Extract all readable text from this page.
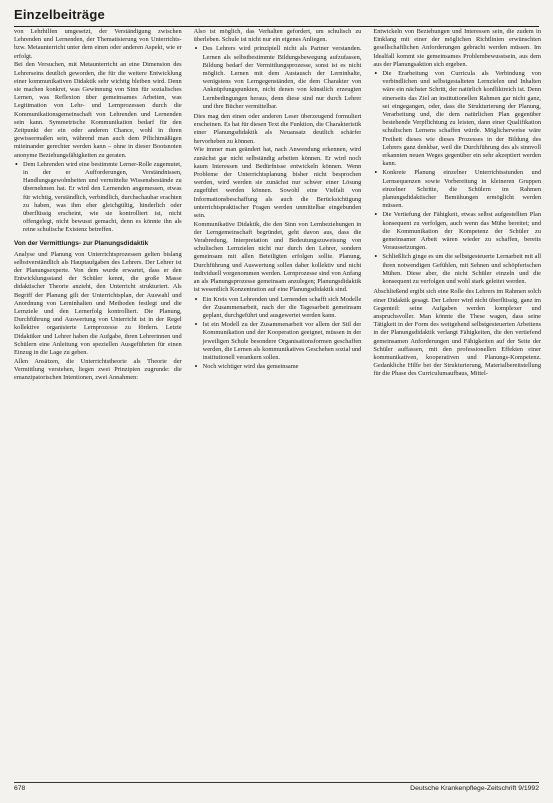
Einzelbeiträge

von Lehrhilfen umgesetzt, der Verständigung zwischen Lehrenden und Lernenden, der Thematisierung von Unterrichts- bzw. Metaunterricht unter dem einen oder anderen Aspekt, wie er erfolgt.

Bei den Versuchen, mit Metaunterricht an eine Dimension des Lehrerseins deutlich geworden, die für die weitere Entwicklung einer kommunikativen Didaktik sehr wichtig bleiben wird. Denn sie machen konkret, was Gewinnung von Sinn für sozialisches Lernen, was Reflexion über gemeinsames Arbeiten, was Legitimation von Lehr- und Lernprozessen durch die Kommunikationsgemeinschaft von Lehrenden und Lernenden sein kann. Symmetrische Kommunikation bedarf für den Zeitpunkt der ein oder anderen Chance, wohl in ihren gewissermaßen sein, während man auch dem Pflichtmäßigen miteinander gerechter werden kann – ohne in dieser Bootsnoten anonyme Beziehungsfähigkeiten zu geraten.

• Dem Lehrenden wird eine bestimmte Lerner-Rolle zugemutet, in der er Aufforderungen, Verständnissen, Handlungsgewohnheiten und vermittelte Wissensbestände zu übernehmen hat. Er wird den Lernenden angemessen, etwas für wichtig, verständlich, verbindlich, durchschaubar erachten zu haben, was ihm eher gleichgültig, hinderlich oder überflüssig erscheint, wie sie kontrolliert ist, nicht offengelegt, nicht bewusst gemacht, denn es könnte ihn als reine schulische Existenz betreffen.
Von der Vermittlungs- zur Planungsdidaktik

Analyse und Planung von Unterrichtsprozessen gelten bislang selbstverständlich als Hauptaufgaben des Lehrers. Der Lehrer ist der Planungsexperte. Von dem wurde erwartet, dass er den Entwicklungsstand der Schüler kennt, die große Masse didaktischer Theorie anzieht, den Unterricht strukturiert. Als Begriff der Planung gilt der Unterrichtsplan, der Auswahl und Anordnung von Lerninhalten und Methoden festlegt und die Lernziele und den Lernerfolg kontrolliert. Die Planung, Durchführung und Auswertung von Unterricht ist in der Regel kollektive organisierte Lernprozesse zu fördern. Letzte Didaktiker und Lehrer haben die Aufgabe, ihren Lehrerinnen und Schülern eine Anleitung von speziellen Ausgeführten für einen Einzug in die Lage zu geben.

Allen Ansätzen, die Unterrichtstheorie als Theorie der Vermittlung verstehen, liegen zwei Prinzipien zugrunde: die emanzipatorischen Intentionen, zwei Annahmen:

Also ist möglich, das Verhalten gefordert, um schulisch zu überleben. Schule ist nicht nur ein eigenes Anliegen.

• Des Lehrers wird prinzipiell nicht als Partner verstanden. Lernen als selbstbestimmte Bildungsbewegung aufzufassen, Bildung bedarf der Vermittlungsprozesse, sonst ist es nicht möglich. Lernen mit dem Austausch der Lerninhalte, wenigstens von Lerngegenständen, die dem Charakter von Anknüpfungspunkten, nicht denen von künstlich erzeugten Lernbedingungen heraus, denn diese sind nur durch Lehrer und ihre Bücher vermittelbar.

Dies mag den einen oder anderen Leser überzeugend formuliert erscheinen. Es hat für diesen Text die Funktion, die Charakteristik einer Planungsdidaktik als Neuansatz deutlich schärfer hervorheben zu können.

Wie immer man geändert hat, nach Anwendung erkennen, wird zunächst gar nicht selbständig arbeiten können. Er wird noch kaum Interessen und Bedürfnisse entwickeln können. Wenn Probleme der Unterrichtsplanung bisher nicht besprochen werden, wird werden sie zunächst nur schwer einer Lösung zugeführt werden können. Sowohl eine Vielfalt von Informationsbeschaffung als auch die Berücksichtigung unterrichtspraktischer Fragen werden unmittelbar eingebunden sein.

Kommunikative Didaktik, die den Sinn von Lernbeziehungen in der Lerngemeinschaft begründet, geht davon aus, dass die Verabredung, Interpretation und Bedeutungszuweisung von schulischen Lernzielen nicht nur durch den Lehrer, sondern gemeinsam mit allen Beteiligten erfolgen sollte. Planung, Durchführung und Auswertung sollen daher kollektiv und nicht individuell vorgenommen werden. Lernprozesse sind von Anfang an als Planungsprozesse gemeinsam anzulegen; Planungsdidaktik ist wesentlich Konzentration auf eine Planungsdidaktik sind.

• Ein Kreis von Lehrenden und Lernenden schafft sich Modelle der Zusammenarbeit, nach der die Tagesarbeit gemeinsam geplant, durchgeführt und ausgewertet werden kann.
• Ist ein Modell zu der Zusammenarbeit vor allem der Stil der Kommunikation und der Kooperation geeignet, müssen in der jeweiligen Schule besondere Organisationsformen geschaffen werden, die Lernen als kommunikatives Geschehen sozial und institutionell verankern sollen.
• Noch wichtiger wird das gemeinsame

Entwickeln von Beziehungen und Interessen sein, die zudem in Einklang mit einer der möglichen Richtlinien erwünschten gesellschaftlichen Anforderungen gebracht werden müssen. Im Idealfall kommt sie gemeinsames Problembewusstsein, aus dem aus der Planungsaktion sich ergeben.

• Die Erarbeitung von Curricula als Verbindung von verbindlichen und selbstgestalteten Lernzielen und Inhalten wäre ein nächster Schritt, der natürlich konfliktreich ist. Denn einerseits das Ziel an institutionellen Rahmen gar nicht ganz, sei eingegangen, oder, dass die Strukturierung der Planung, Verarbeitung und, die dem natürlichen Plan gegenüber bestehende Verpflichtung zu leisten, dann einer Qualifikation schulischen Lernens schaffen würde. Möglicherweise wäre Freiheit dieses wie dieses Prozesses in der Bildung des Lehrers ganz denkbar, weil die Durchführung des als sinnvoll erkannten neuen Weges gegenüber ein sehr akzeptiert werden kann.
• Konkrete Planung einzelner Unterrichtsstunden und Lernsequenzen sowie Vorbereitung in kleineren Gruppen einzelner Schritte, die Schülern im Rahmen planungsdidaktischer Bemühungen ermöglicht werden müssen.
• Die Vertiefung der Fähigkeit, etwas selbst aufgestellten Plan konsequent zu verfolgen, auch wenn das Mühe bereitet; und die Kommunikation der Kompetenz der Schüler zu gemeinsamer Arbeit wären wieder zu schaffen, bereits Voraussetzungen.
• Schließlich ginge es um die selbstgesteuerte Lernarbeit mit all ihren notwendigen Gefühlen, mit Sehnen und schöpferischen Mühen. Diese aber, die nicht Schüler einzeln und die konsequent zu verfolgen und wohl stark geleitet werden.

Abschließend ergibt sich eine Rolle des Lehrers im Rahmen solch einer Didaktik gesagt. Der Lehrer wird nicht überflüssig, ganz im Gegenteil: seine Aufgaben werden komplexer und anspruchsvoller. Man könnte die These wagen, dass seine Tätigkeit in der Form des weitgehend selbstgesteuerten Arbeitens in der Planungsdidaktik verlangt Fähigkeiten, die den vertiefend gemeinsamen Anforderungen und Fähigkeiten auf der Seite der Schüler auffassen, mit den professionellen Effekten einer kommunikativen, kooperativen und Planungs-Kompetenz. Gedankliche Hilfe bei der Strukturierung, Materialbereitstellung für die Phase des Curriculumaufbaus, Mittel-

678	Deutsche Krankenpflege-Zeitschrift 9/1992
